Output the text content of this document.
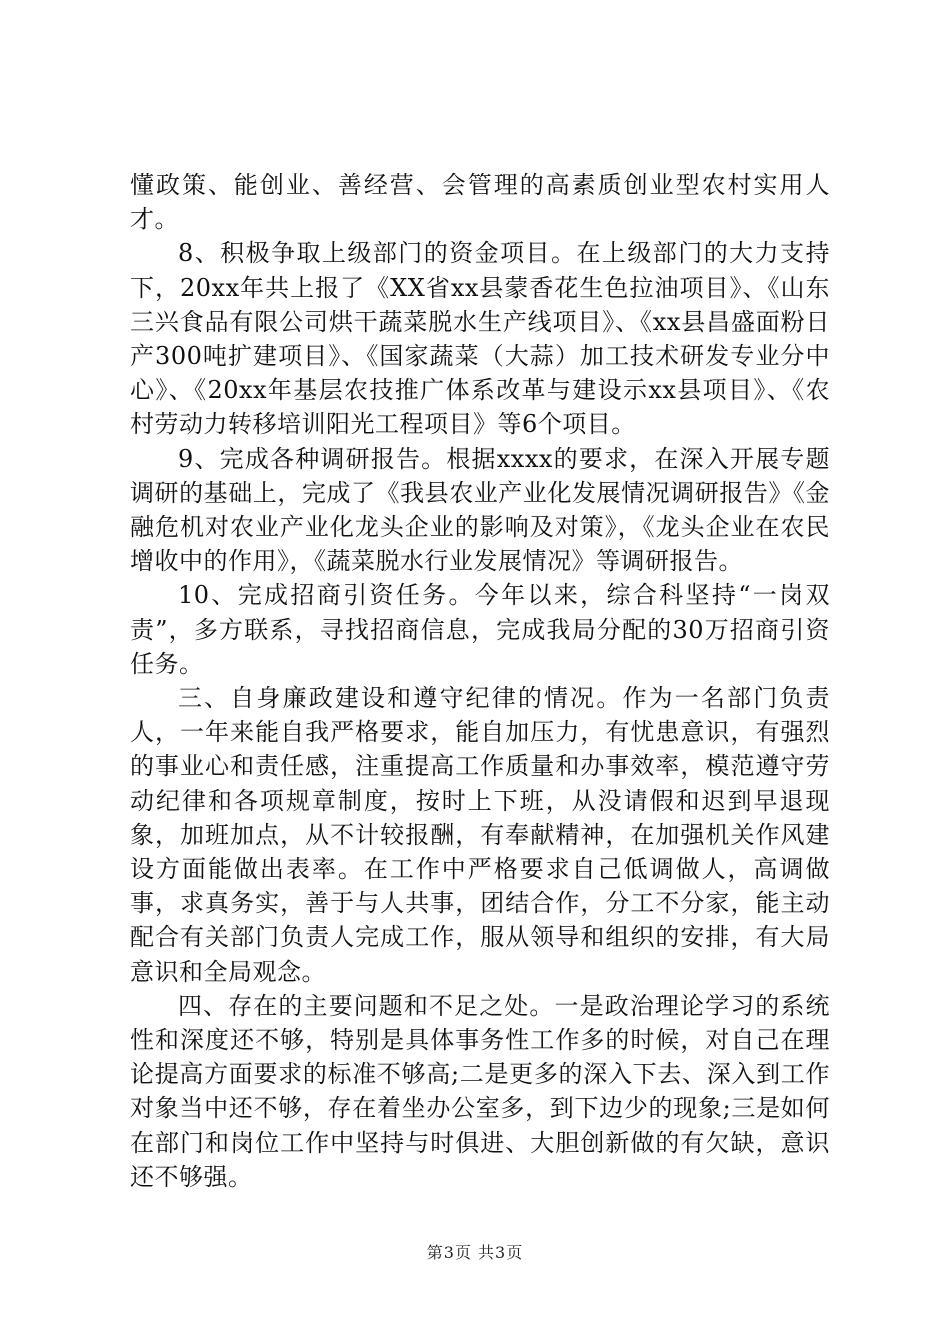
懂政策、能创业、善经营、会管理的高素质创业型农村实用人才。

8、积极争取上级部门的资金项目。在上级部门的大力支持下，20xx年共上报了《XX省xx县蒙香花生色拉油项目》、《山东三兴食品有限公司烘干蔬菜脱水生产线项目》、《xx县昌盛面粉日产300吨扩建项目》、《国家蔬菜（大蒜）加工技术研发专业分中心》、《20xx年基层农技推广体系改革与建设示xx县项目》、《农村劳动力转移培训阳光工程项目》等6个项目。

9、完成各种调研报告。根据xxxx的要求，在深入开展专题调研的基础上，完成了《我县农业产业化发展情况调研报告》《金融危机对农业产业化龙头企业的影响及对策》，《龙头企业在农民增收中的作用》，《蔬菜脱水行业发展情况》等调研报告。

10、完成招商引资任务。今年以来，综合科坚持“一岗双责”，多方联系，寻找招商信息，完成我局分配的30万招商引资任务。

三、自身廉政建设和遵守纪律的情况。作为一名部门负责人，一年来能自我严格要求，能自加压力，有忧患意识，有强烈的事业心和责任感，注重提高工作质量和办事效率，模范遵守劳动纪律和各项规章制度，按时上下班，从没请假和迟到早退现象，加班加点，从不计较报酬，有奉献精神，在加强机关作风建设方面能做出表率。在工作中严格要求自己低调做人，高调做事，求真务实，善于与人共事，团结合作，分工不分家，能主动配合有关部门负责人完成工作，服从领导和组织的安排，有大局意识和全局观念。

四、存在的主要问题和不足之处。一是政治理论学习的系统性和深度还不够，特别是具体事务性工作多的时候，对自己在理论提高方面要求的标准不够高;二是更多的深入下去、深入到工作对象当中还不够，存在着坐办公室多，到下边少的现象;三是如何在部门和岗位工作中坚持与时俱进、大胆创新做的有欠缺，意识还不够强。

第3页 共3页
